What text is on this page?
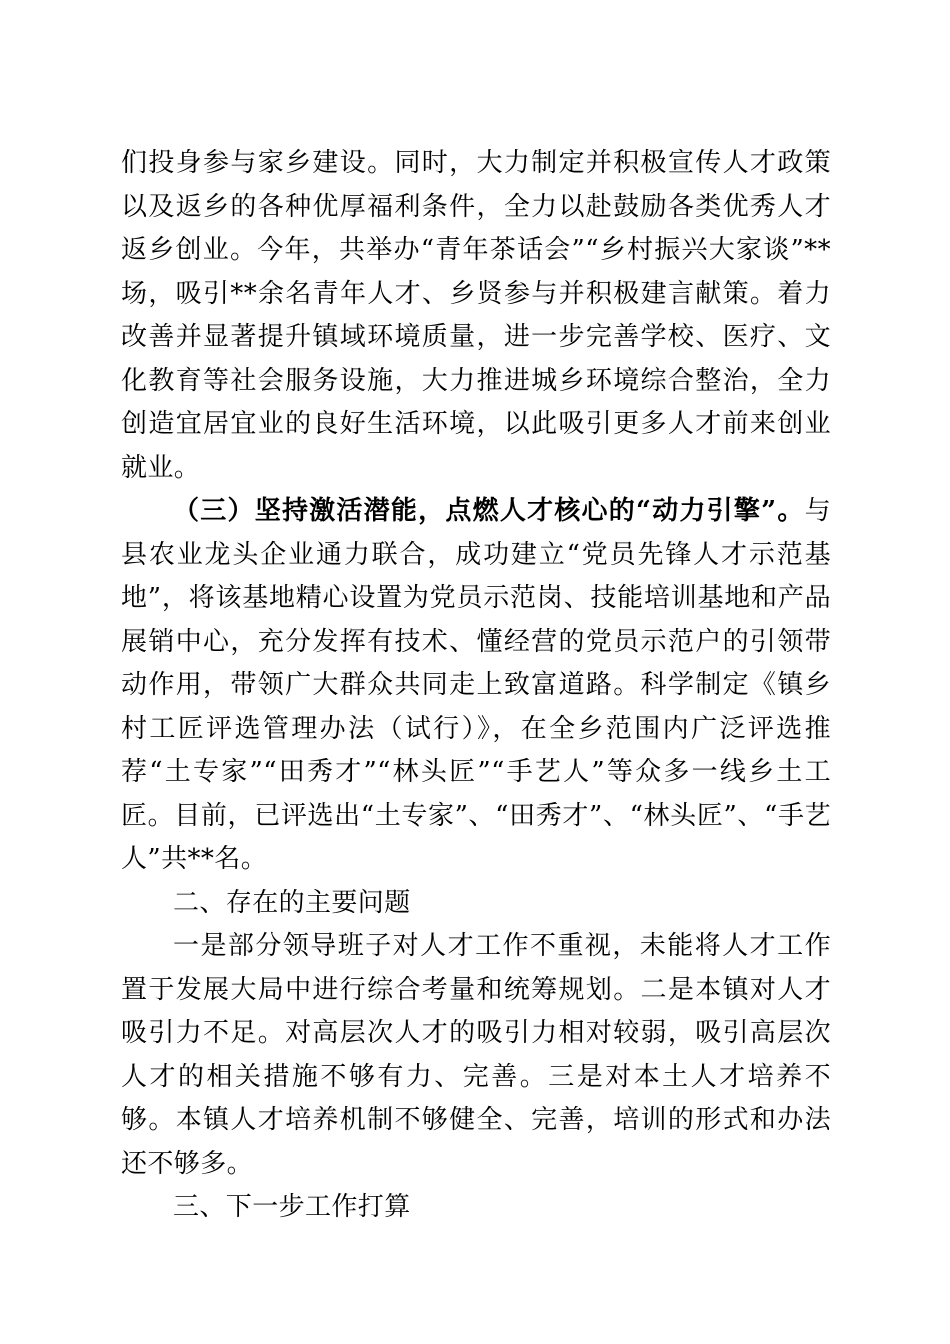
们投身参与家乡建设。同时，大力制定并积极宣传人才政策以及返乡的各种优厚福利条件，全力以赴鼓励各类优秀人才返乡创业。今年，共举办“青年茶话会”“乡村振兴大家谈”**场，吸引**余名青年人才、乡贤参与并积极建言献策。着力改善并显著提升镇域环境质量，进一步完善学校、医疗、文化教育等社会服务设施，大力推进城乡环境综合整治，全力创造宜居宜业的良好生活环境，以此吸引更多人才前来创业就业。

（三）坚持激活潜能，点燃人才核心的“动力引擎”。与县农业龙头企业通力联合，成功建立“党员先锋人才示范基地”，将该基地精心设置为党员示范岗、技能培训基地和产品展销中心，充分发挥有技术、懂经营的党员示范户的引领带动作用，带领广大群众共同走上致富道路。科学制定《镇乡村工匠评选管理办法（试行）》，在全乡范围内广泛评选推荐“土专家”“田秀才”“林头匠”“手艺人”等众多一线乡土工匠。目前，已评选出“土专家”、“田秀才”、“林头匠”、“手艺人”共**名。

二、存在的主要问题

一是部分领导班子对人才工作不重视，未能将人才工作置于发展大局中进行综合考量和统筹规划。二是本镇对人才吸引力不足。对高层次人才的吸引力相对较弱，吸引高层次人才的相关措施不够有力、完善。三是对本土人才培养不够。本镇人才培养机制不够健全、完善，培训的形式和办法还不够多。

三、下一步工作打算
